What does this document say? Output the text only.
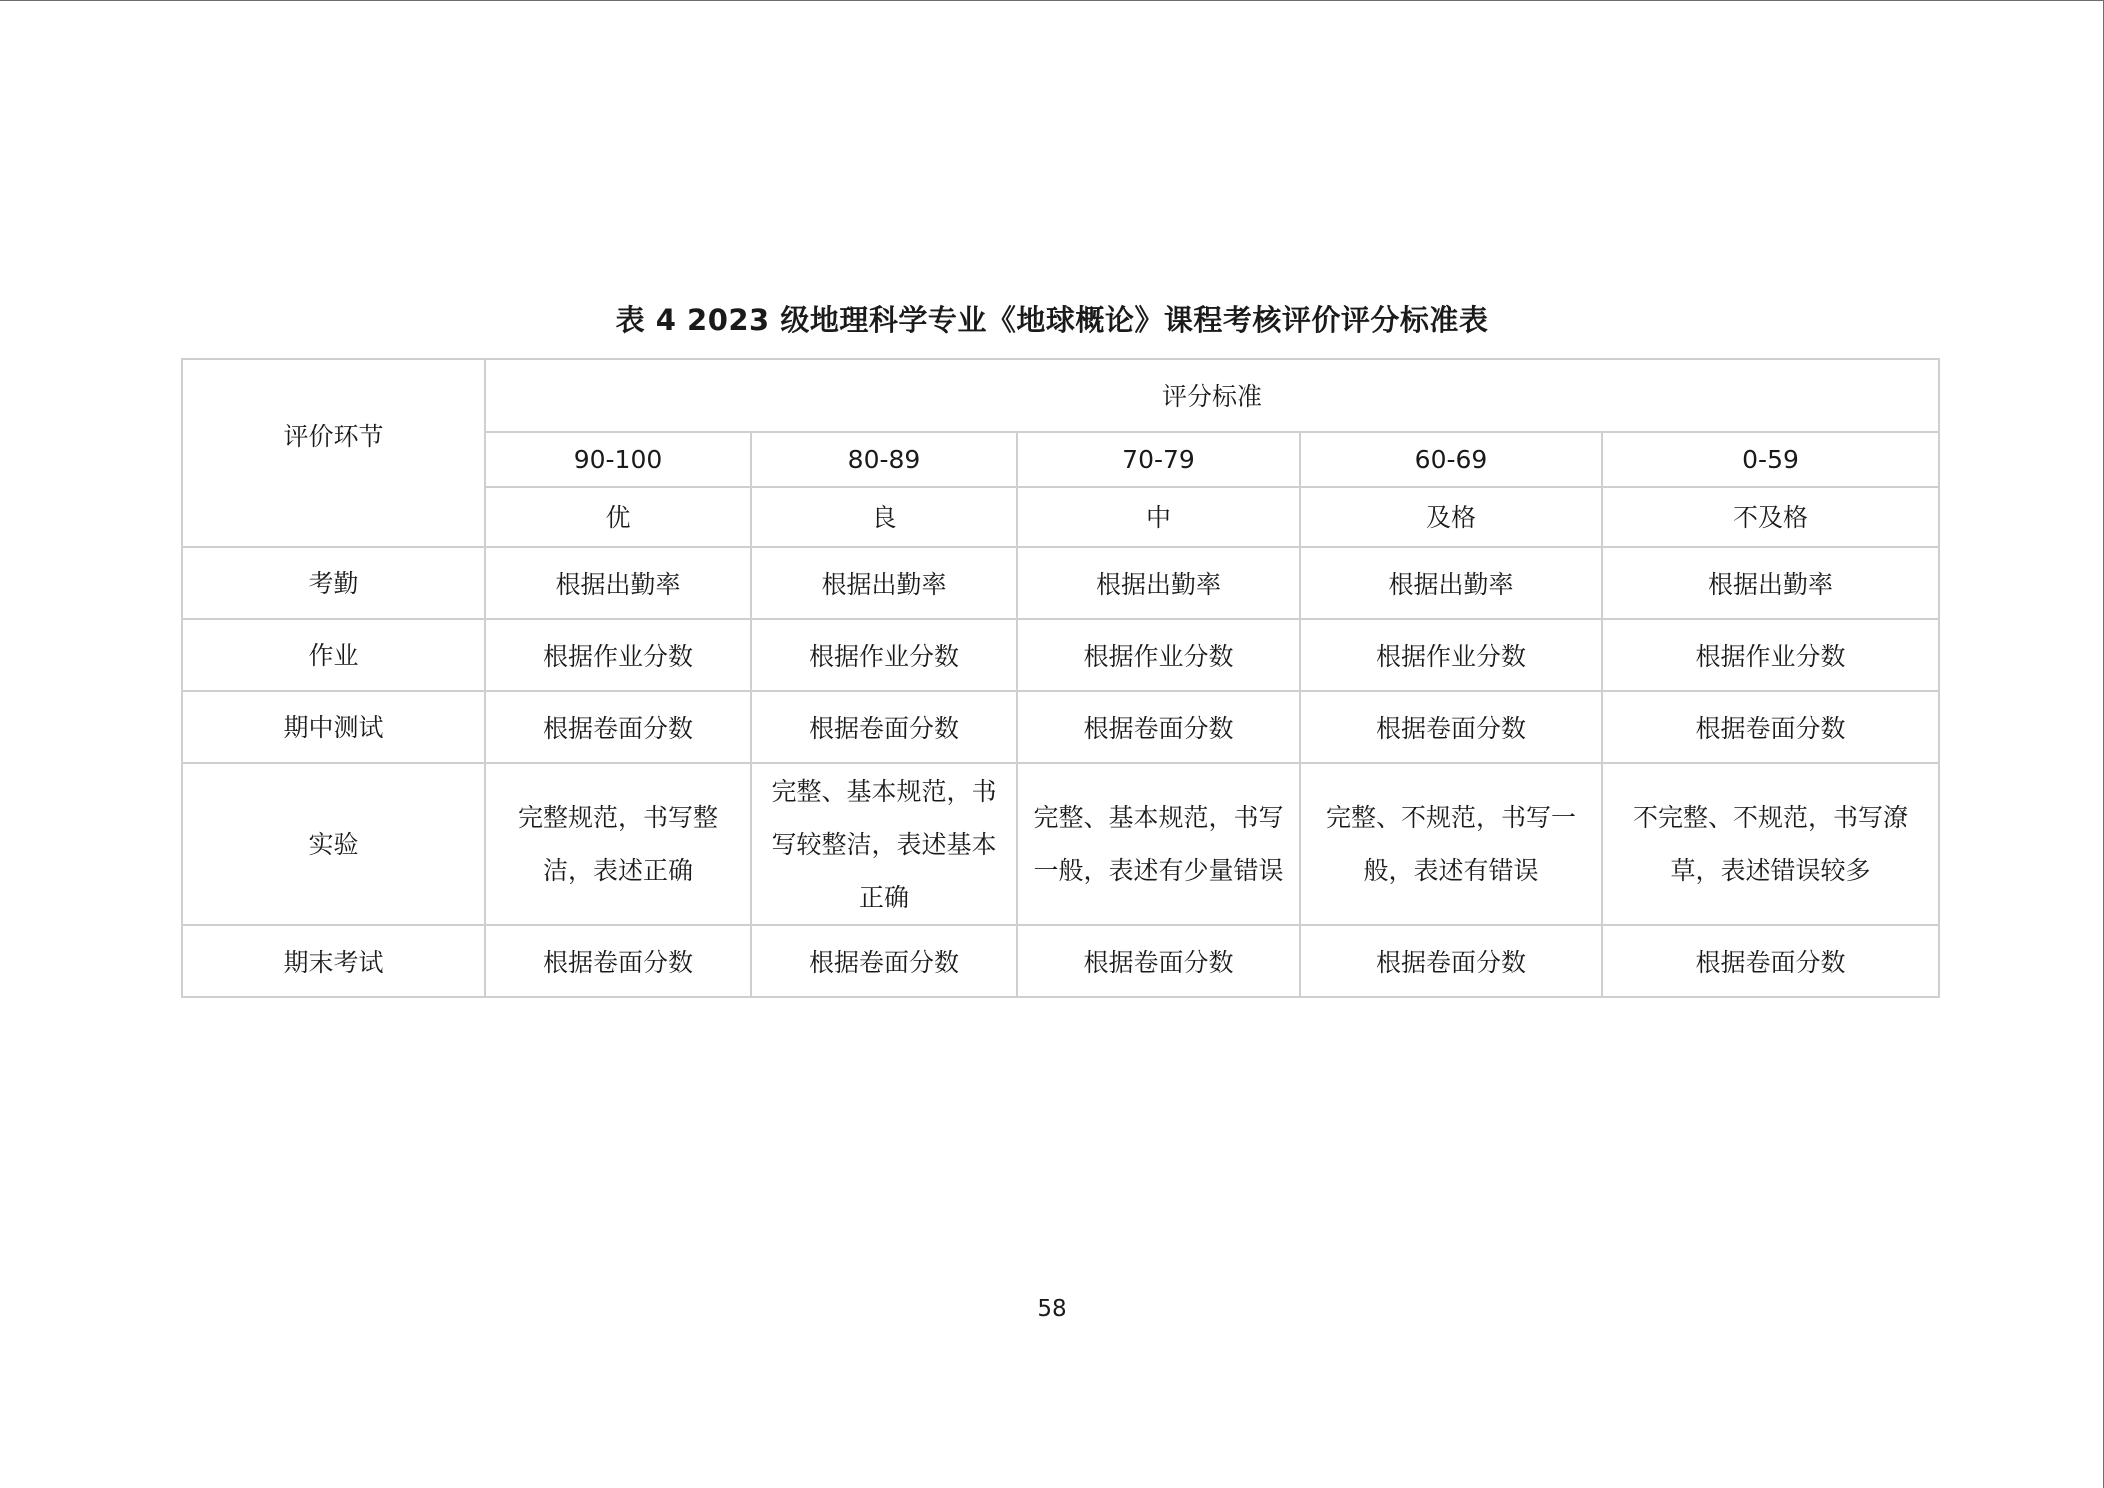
表 4 2023 级地理科学专业《地球概论》课程考核评价评分标准表
评价环节	评分标准				
	90-100	80-89	70-79	60-69	0-59
	优	良	中	及格	不及格
考勤	根据出勤率	根据出勤率	根据出勤率	根据出勤率	根据出勤率
作业	根据作业分数	根据作业分数	根据作业分数	根据作业分数	根据作业分数
期中测试	根据卷面分数	根据卷面分数	根据卷面分数	根据卷面分数	根据卷面分数
实验	完整规范，书写整洁，表述正确	完整、基本规范，书写较整洁，表述基本正确	完整、基本规范，书写一般，表述有少量错误	完整、不规范，书写一般，表述有错误	不完整、不规范，书写潦草，表述错误较多
期末考试	根据卷面分数	根据卷面分数	根据卷面分数	根据卷面分数	根据卷面分数
58
